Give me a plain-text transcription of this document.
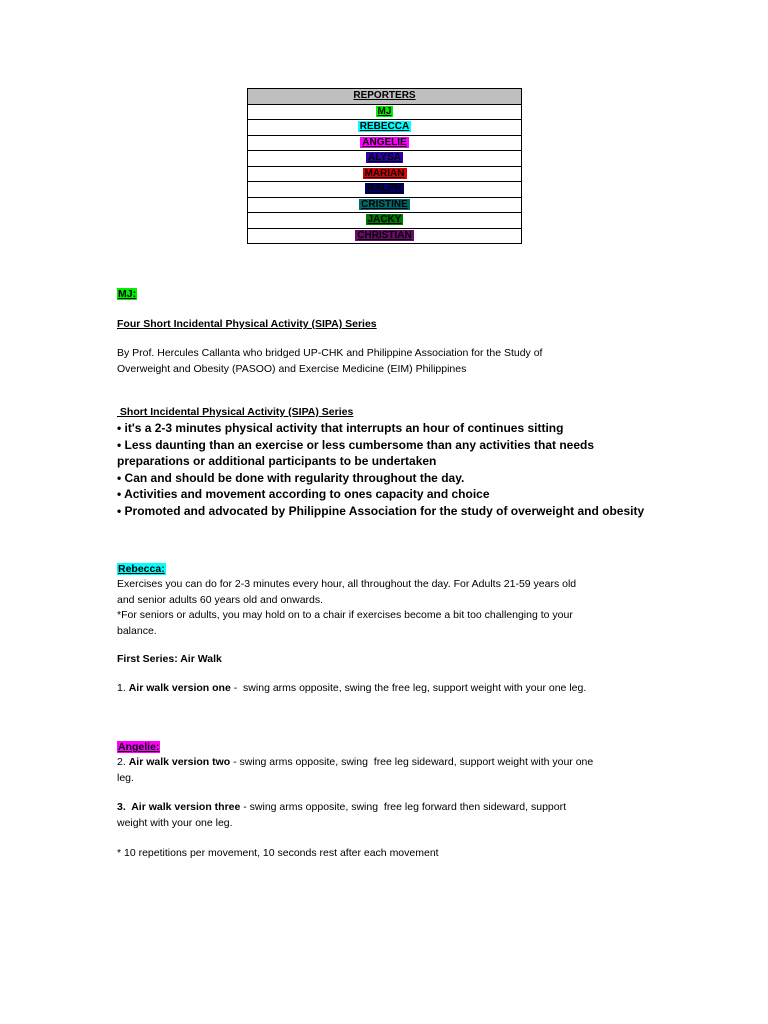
REPORTERS
MJ
REBECCA
ANGELIE
ALYSA
MARIAN
RALPH
CRISTINE
JACKY
CHRISTIAN
MJ:
Four Short Incidental Physical Activity (SIPA) Series

By Prof. Hercules Callanta who bridged UP-CHK and Philippine Association for the Study of

Overweight and Obesity (PASOO) and Exercise Medicine (EIM) Philippines

Short Incidental Physical Activity (SIPA) Series

• it's a 2-3 minutes physical activity that interrupts an hour of continues sitting

• Less daunting than an exercise or less cumbersome than any activities that needs

preparations or additional participants to be undertaken

• Can and should be done with regularity throughout the day.

• Activities and movement according to ones capacity and choice

• Promoted and advocated by Philippine Association for the study of overweight and obesity

Rebecca:

Exercises you can do for 2-3 minutes every hour, all throughout the day. For Adults 21-59 years old

and senior adults 60 years old and onwards.

*For seniors or adults, you may hold on to a chair if exercises become a bit too challenging to your

balance.

First Series: Air Walk
1. Air walk version one -  swing arms opposite, swing the free leg, support weight with your one leg.
Angelie:

2. Air walk version two - swing arms opposite, swing  free leg sideward, support weight with your one

leg.

3.  Air walk version three - swing arms opposite, swing  free leg forward then sideward, support

weight with your one leg.

* 10 repetitions per movement, 10 seconds rest after each movement
